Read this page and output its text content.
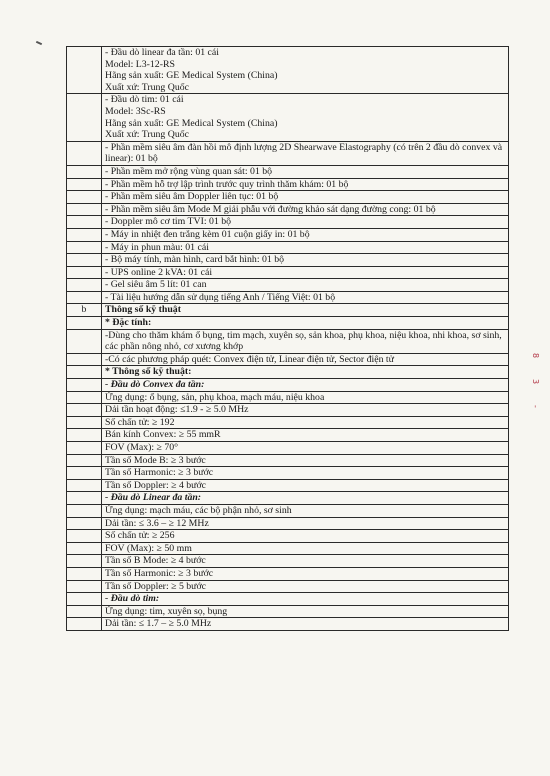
	- Đầu dò linear đa tần: 01 cái
Model: L3-12-RS
Hãng sản xuất: GE Medical System (China)
Xuất xứ: Trung Quốc
	- Đầu dò tim: 01 cái
Model: 3Sc-RS
Hãng sản xuất: GE Medical System (China)
Xuất xứ: Trung Quốc
	- Phần mềm siêu âm đàn hồi mô định lượng 2D Shearwave Elastography (có trên 2 đầu dò convex và linear): 01 bộ
	- Phần mềm mở rộng vùng quan sát: 01 bộ
	- Phần mềm hỗ trợ lập trình trước quy trình thăm khám: 01 bộ
	- Phần mềm siêu âm Doppler liên tục: 01 bộ
	- Phần mềm siêu âm Mode M giải phẫu với đường khảo sát dạng đường cong: 01 bộ
	- Doppler mô cơ tim TVI: 01 bộ
	- Máy in nhiệt đen trắng kèm 01 cuộn giấy in: 01 bộ
	- Máy in phun màu: 01 cái
	- Bộ máy tính, màn hình, card bắt hình: 01 bộ
	- UPS online 2 kVA: 01 cái
	- Gel siêu âm 5 lít: 01 can
	- Tài liệu hướng dẫn sử dụng tiếng Anh / Tiếng Việt: 01 bộ
b	Thông số kỹ thuật
	* Đặc tính:
	-Dùng cho thăm khám ổ bụng, tim mạch, xuyên sọ, sản khoa, phụ khoa, niệu khoa, nhi khoa, sơ sinh, các phần nông nhỏ, cơ xương khớp
	-Có các phương pháp quét: Convex điện tử, Linear điện tử, Sector điện tử
	* Thông số kỹ thuật:
	- Đầu dò Convex đa tần:
	Ứng dụng: ổ bụng, sản, phụ khoa, mạch máu, niệu khoa
	Dải tần hoạt động: ≤1.9 - ≥ 5.0 MHz
	Số chấn tử: ≥ 192
	Bán kính Convex: ≥ 55 mmR
	FOV (Max): ≥ 70°
	Tần số Mode B: ≥ 3 bước
	Tần số Harmonic: ≥ 3 bước
	Tần số Doppler: ≥ 4 bước
	- Đầu dò Linear đa tần:
	Ứng dụng: mạch máu, các bộ phận nhỏ, sơ sinh
	Dải tần: ≤ 3.6 – ≥ 12 MHz
	Số chấn tử: ≥ 256
	FOV (Max): ≥ 50 mm
	Tần số B Mode: ≥ 4 bước
	Tần số Harmonic: ≥ 3 bước
	Tần số Doppler: ≥ 5 bước
	- Đầu dò tim:
	Ứng dụng: tim, xuyên sọ, bụng
	Dải tần: ≤ 1.7 – ≥ 5.0 MHz
8
3
-
